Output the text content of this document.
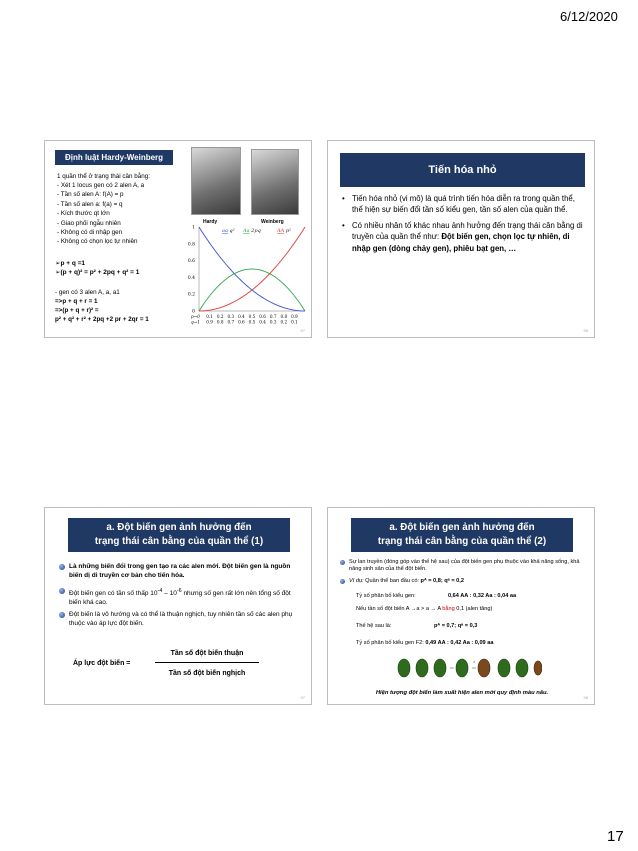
6/12/2020
Định luật Hardy-Weinberg
1 quần thể ở trạng thái cân bằng:
- Xét 1 locus gen có 2 alen A, a
- Tần số alen A: f(A) = p
- Tần số alen a: f(a) = q
- Kích thước qt lớn
- Giao phối ngẫu nhiên
- Không có di nhập gen
- Không có chọn lọc tự nhiên
➢ p + q =1
➢ (p + q)² = p² + 2pq + q² = 1
- gen có 3 alen A, a, a1
=>p + q + r = 1
=>(p + q + r)² =
p² + q² + r² + 2pq +2 pr + 2qr = 1
Hardy	Weinberg
0
0.2
0.4
0.6
0.8
1	aa q² Aa 2pq	AA p²
p→0
q→1
0.1 0.2 0.3 0.4 0.5 0.6 0.7 0.8 0.9
0.9 0.8 0.7 0.6 0.5 0.4 0.3 0.2 0.1
97
Tiến hóa nhỏ
• Tiến hóa nhỏ (vi mô) là quá trình tiến hóa diễn ra trong quần thể, thể hiện sự biến đổi tần số kiểu gen, tần số alen của quần thể.
• Có nhiều nhân tố khác nhau ảnh hưởng đến trạng thái cân bằng di truyền của quần thể như: Đột biến gen, chọn lọc tự nhiên, di nhập gen (dòng chảy gen), phiêu bạt gen, …
98
a. Đột biến gen ảnh hưởng đến
trạng thái cân bằng của quần thể (1)
Là những biến đổi trong gen tạo ra các alen mới. Đột biến gen là nguồn biến dị di truyền cơ bản cho tiến hóa.
Đột biến gen có tần số thấp $10^{-4} - 10^{-6}$ nhưng số gen rất lớn nên tổng số đột biến khá cao.
Đột biến là vô hướng và có thể là thuận nghịch, tuy nhiên tần số các alen phụ thuộc vào áp lực đột biến.
Áp lực đột biến =
Tần số đột biến thuận
Tần số đột biến nghịch
97
a. Đột biến gen ảnh hưởng đến
trạng thái cân bằng của quần thể (2)
Sự lan truyền (đóng góp vào thế hệ sau) của đột biến gen phụ thuộc vào khả năng sống, khả năng sinh sản của thể đột biến.
Ví dụ: Quần thể ban đầu có: pᴬ = 0,8; qᵃ = 0,2
Tỷ số phân bố kiểu gen:	0,64 AA : 0,32 Aa : 0,04 aa
Nếu tần số đột biến A →a > a → A bằng 0,1 (alen tăng)
Thế hệ sau là:	pᴬ = 0,7; qᵃ = 0,3
Tỷ số phân bố kiểu gen F2: 0,49 AA : 0,42 Aa : 0,09 aa
×
Hiện tượng đột biến làm xuất hiện alen mới quy định màu nâu.
98
17
